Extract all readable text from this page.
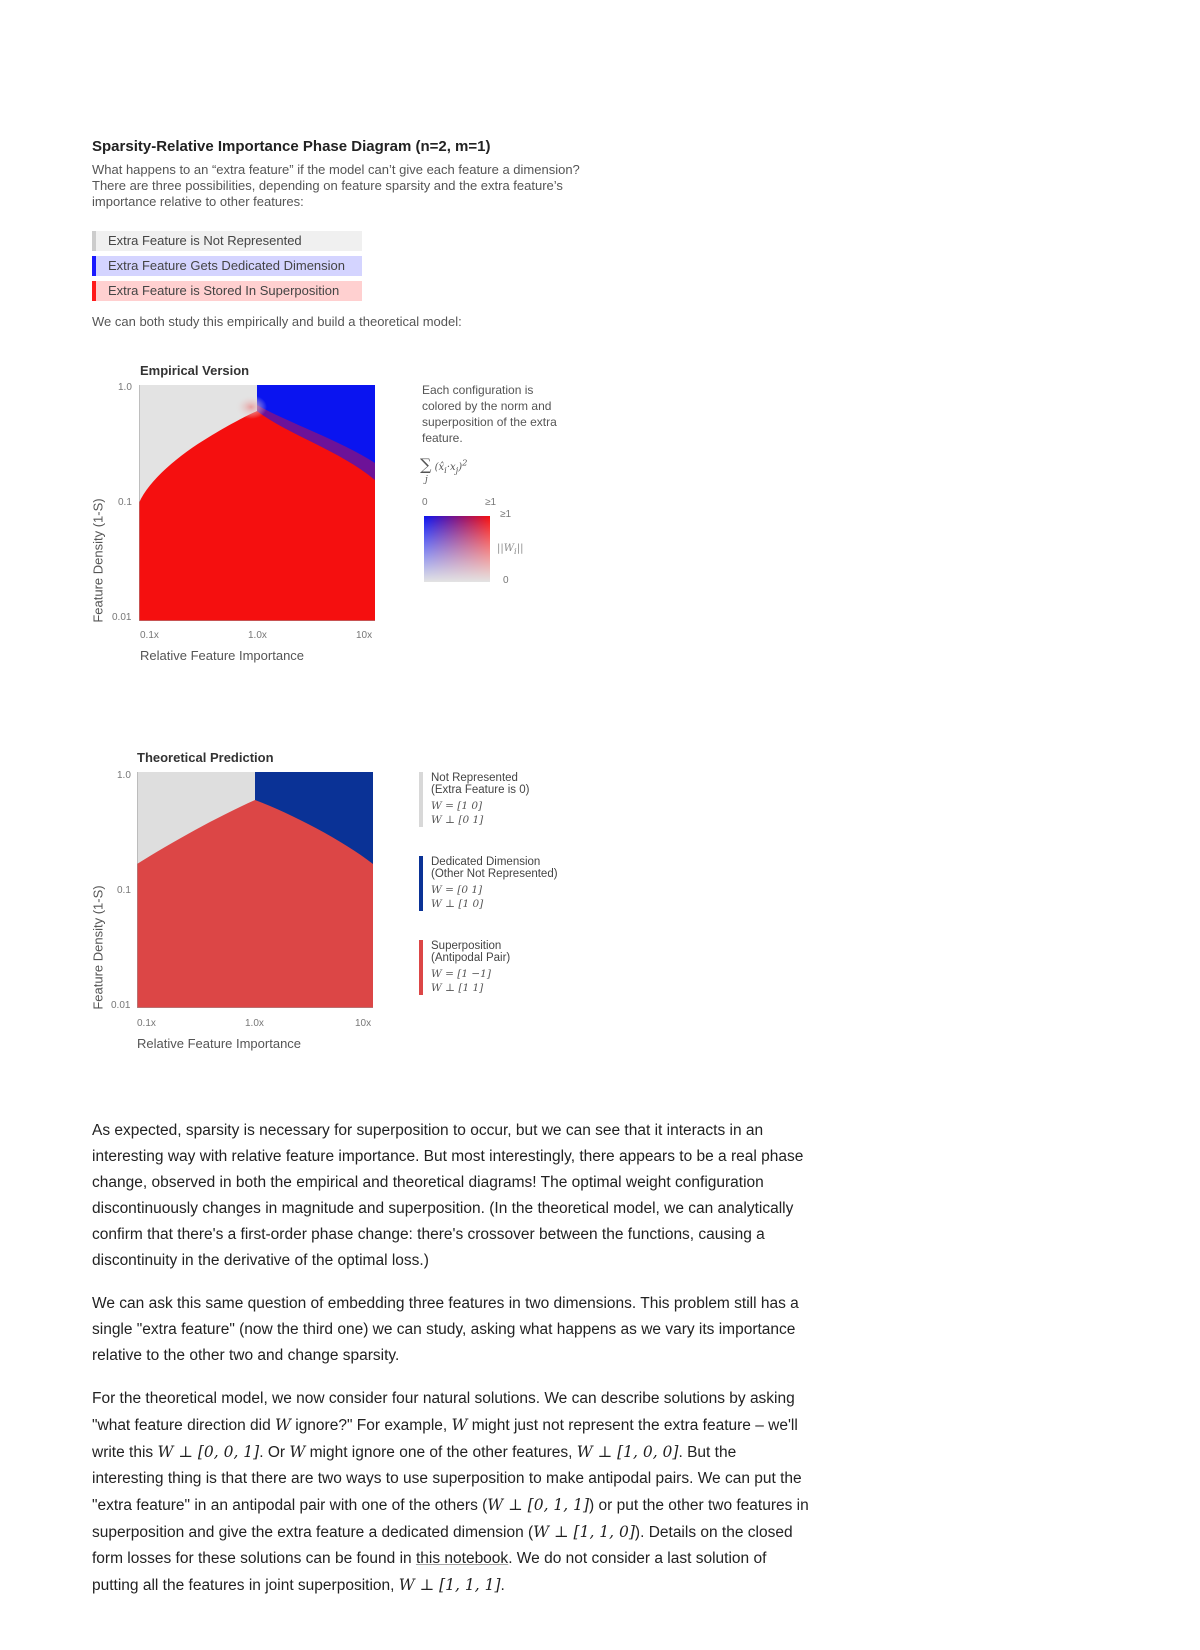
Sparsity-Relative Importance Phase Diagram (n=2, m=1)
What happens to an “extra feature” if the model can’t give each feature a dimension? There are three possibilities, depending on feature sparsity and the extra feature’s importance relative to other features:
Extra Feature is Not Represented
Extra Feature Gets Dedicated Dimension
Extra Feature is Stored In Superposition
We can both study this empirically and build a theoretical model:
Empirical Version
Feature Density (1-S)
1.0
0.1
0.01
0.1x	1.0x	10x
Relative Feature Importance
Each configuration is colored by the norm and superposition of the extra feature.
∑ $(x̂_i\cdot x_j)^2$
j
0	≥1
≥1
0
$||W_i||$
Theoretical Prediction
Feature Density (1-S)
1.0
0.1
0.01
0.1x	1.0x	10x
Relative Feature Importance
Not Represented
(Extra Feature is 0)
W = [1 0]
W ⊥ [0 1]
Dedicated Dimension
(Other Not Represented)
W = [0 1]
W ⊥ [1 0]
Superposition
(Antipodal Pair)
W = [1 −1]
W ⊥ [1 1]

As expected, sparsity is necessary for superposition to occur, but we can see that it interacts in an interesting way with relative feature importance. But most interestingly, there appears to be a real phase change, observed in both the empirical and theoretical diagrams! The optimal weight configuration discontinuously changes in magnitude and superposition. (In the theoretical model, we can analytically confirm that there's a first-order phase change: there's crossover between the functions, causing a discontinuity in the derivative of the optimal loss.)

We can ask this same question of embedding three features in two dimensions. This problem still has a single "extra feature" (now the third one) we can study, asking what happens as we vary its importance relative to the other two and change sparsity.

For the theoretical model, we now consider four natural solutions. We can describe solutions by asking "what feature direction did W ignore?" For example, W might just not represent the extra feature – we'll write this W ⊥ [0, 0, 1]. Or W might ignore one of the other features, W ⊥ [1, 0, 0]. But the interesting thing is that there are two ways to use superposition to make antipodal pairs. We can put the "extra feature" in an antipodal pair with one of the others (W ⊥ [0, 1, 1]) or put the other two features in superposition and give the extra feature a dedicated dimension (W ⊥ [1, 1, 0]). Details on the closed form losses for these solutions can be found in this notebook. We do not consider a last solution of putting all the features in joint superposition, W ⊥ [1, 1, 1].
